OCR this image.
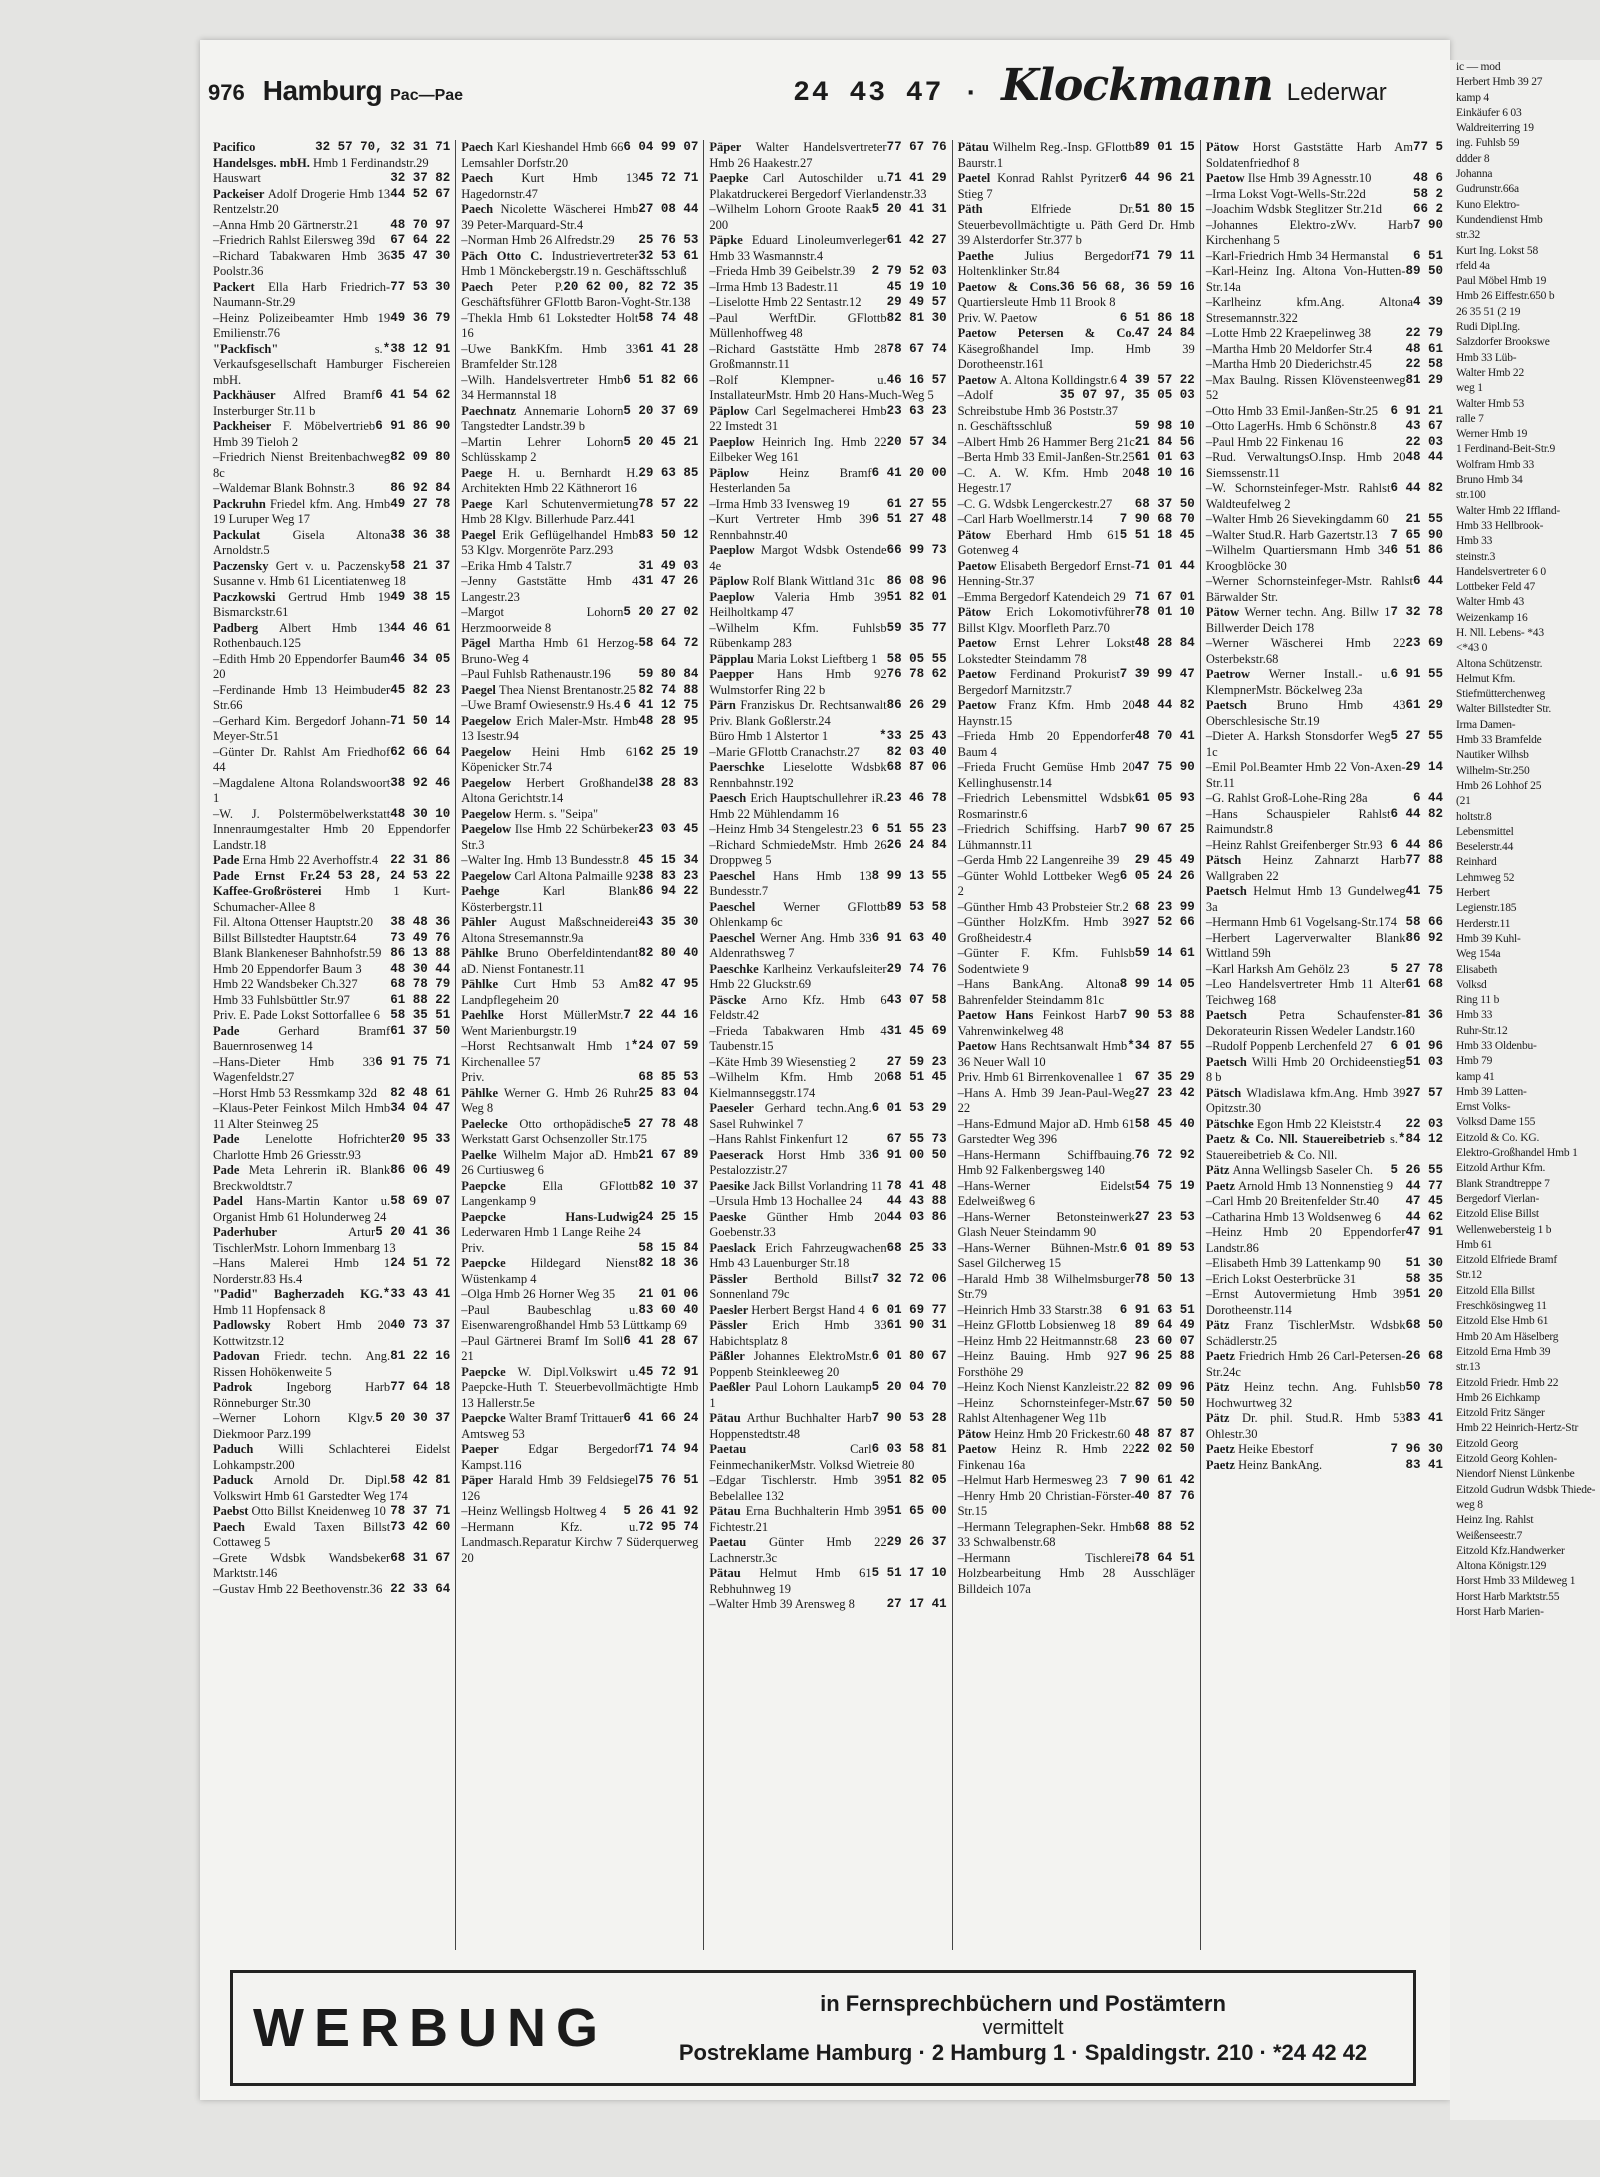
976 Hamburg Pac—Pae	24 43 47 · Klockmann Lederwar
32 57 70, 32 31 71
Pacifico Handelsges. mbH. Hmb 1 Ferdinandstr.29
32 37 82
Hauswart
44 52 67
Packeiser Adolf Drogerie Hmb 13 Rentzelstr.20
48 70 97
–Anna Hmb 20 Gärtnerstr.21
67 64 22
–Friedrich Rahlst Eilersweg 39d
35 47 30
–Richard Tabakwaren Hmb 36 Poolstr.36
77 53 30
Packert Ella Harb Friedrich-Naumann-Str.29
49 36 79
–Heinz Polizeibeamter Hmb 19 Emilienstr.76
*38 12 91
"Packfisch" s. Verkaufsgesellschaft Hamburger Fischereien mbH.
6 41 54 62
Packhäuser Alfred Bramf Insterburger Str.11 b
6 91 86 90
Packheiser F. Möbelvertrieb Hmb 39 Tieloh 2
82 09 80
–Friedrich Nienst Breitenbachweg 8c
86 92 84
–Waldemar Blank Bohnstr.3
49 27 78
Packruhn Friedel kfm. Ang. Hmb 19 Luruper Weg 17
38 36 38
Packulat Gisela Altona Arnoldstr.5
58 21 37
Paczensky Gert v. u. Paczensky Susanne v. Hmb 61 Licentiatenweg 18
49 38 15
Paczkowski Gertrud Hmb 19 Bismarckstr.61
44 46 61
Padberg Albert Hmb 13 Rothenbauch.125
46 34 05
–Edith Hmb 20 Eppendorfer Baum 20
45 82 23
–Ferdinande Hmb 13 Heimbuder Str.66
71 50 14
–Gerhard Kim. Bergedorf Johann-Meyer-Str.51
62 66 64
–Günter Dr. Rahlst Am Friedhof 44
38 92 46
–Magdalene Altona Rolandswoort 1
48 30 10
–W. J. Polstermöbelwerkstatt Innenraumgestalter Hmb 20 Eppendorfer Landstr.18
22 31 86
Pade Erna Hmb 22 Averhoffstr.4
24 53 28, 24 53 22
Pade Ernst Fr. Kaffee-Großrösterei Hmb 1 Kurt-Schumacher-Allee 8
38 48 36
Fil. Altona Ottenser Hauptstr.20
73 49 76
Billst Billstedter Hauptstr.64
86 13 88
Blank Blankeneser Bahnhofstr.59
48 30 44
Hmb 20 Eppendorfer Baum 3
68 78 79
Hmb 22 Wandsbeker Ch.327
61 88 22
Hmb 33 Fuhlsbüttler Str.97
58 35 51
Priv. E. Pade Lokst Sottorfallee 6
61 37 50
Pade Gerhard Bramf Bauernrosenweg 14
6 91 75 71
–Hans-Dieter Hmb 33 Wagenfeldstr.27
82 48 61
–Horst Hmb 53 Ressmkamp 32d
34 04 47
–Klaus-Peter Feinkost Milch Hmb 11 Alter Steinweg 25
20 95 33
Pade Lenelotte Hofrichter Charlotte Hmb 26 Griesstr.93
86 06 49
Pade Meta Lehrerin iR. Blank Breckwoldtstr.7
58 69 07
Padel Hans-Martin Kantor u. Organist Hmb 61 Holunderweg 24
5 20 41 36
Paderhuber Artur TischlerMstr. Lohorn Immenbarg 13
24 51 72
–Hans Malerei Hmb 1 Norderstr.83 Hs.4
*33 43 41
"Padid" Bagherzadeh KG. Hmb 11 Hopfensack 8
40 73 37
Padlowsky Robert Hmb 20 Kottwitzstr.12
81 22 16
Padovan Friedr. techn. Ang. Rissen Hohökenweite 5
77 64 18
Padrok Ingeborg Harb Rönneburger Str.30
5 20 30 37
–Werner Lohorn Klgv. Diekmoor Parz.199
Paduch Willi Schlachterei Eidelst Lohkampstr.200
58 42 81
Paduck Arnold Dr. Dipl. Volkswirt Hmb 61 Garstedter Weg 174
78 37 71
Paebst Otto Billst Kneidenweg 10
73 42 60
Paech Ewald Taxen Billst Cottaweg 5
68 31 67
–Grete Wdsbk Wandsbeker Marktstr.146
22 33 64
–Gustav Hmb 22 Beethovenstr.36
6 04 99 07
Paech Karl Kieshandel Hmb 66 Lemsahler Dorfstr.20
45 72 71
Paech Kurt Hmb 13 Hagedornstr.47
27 08 44
Paech Nicolette Wäscherei Hmb 39 Peter-Marquard-Str.4
25 76 53
–Norman Hmb 26 Alfredstr.29
32 53 61
Päch Otto C. Industrievertreter Hmb 1 Mönckebergstr.19 n. Geschäftsschluß
20 62 00, 82 72 35
Paech Peter P. Geschäftsführer GFlottb Baron-Voght-Str.138
58 74 48
–Thekla Hmb 61 Lokstedter Holt 16
61 41 28
–Uwe BankKfm. Hmb 33 Bramfelder Str.128
6 51 82 66
–Wilh. Handelsvertreter Hmb 34 Hermannstal 18
5 20 37 69
Paechnatz Annemarie Lohorn Tangstedter Landstr.39 b
5 20 45 21
–Martin Lehrer Lohorn Schlüsskamp 2
29 63 85
Paege H. u. Bernhardt H. Architekten Hmb 22 Käthnerort 16
78 57 22
Paege Karl Schutenvermietung Hmb 28 Klgv. Billerhude Parz.441
83 50 12
Paegel Erik Geflügelhandel Hmb 53 Klgv. Morgenröte Parz.293
31 49 03
–Erika Hmb 4 Talstr.7
31 47 26
–Jenny Gaststätte Hmb 4 Langestr.23
5 20 27 02
–Margot Lohorn Herzmoorweide 8
58 64 72
Pägel Martha Hmb 61 Herzog-Bruno-Weg 4
59 80 84
–Paul Fuhlsb Rathenaustr.196
82 74 88
Paegel Thea Nienst Brentanostr.25
6 41 12 75
–Uwe Bramf Owiesenstr.9 Hs.4
48 28 95
Paegelow Erich Maler-Mstr. Hmb 13 Isestr.94
62 25 19
Paegelow Heini Hmb 61 Köpenicker Str.74
38 28 83
Paegelow Herbert Großhandel Altona Gerichtstr.14
Paegelow Herm. s. "Seipa"
23 03 45
Paegelow Ilse Hmb 22 Schürbeker Str.3
45 15 34
–Walter Ing. Hmb 13 Bundesstr.8
38 83 23
Paegelow Carl Altona Palmaille 92
86 94 22
Paehge Karl Blank Kösterbergstr.11
43 35 30
Pähler August Maßschneiderei Altona Stresemannstr.9a
82 80 40
Pählke Bruno Oberfeldintendant aD. Nienst Fontanestr.11
82 47 95
Pählke Curt Hmb 53 Am Landpflegeheim 20
7 22 44 16
Paehlke Horst MüllerMstr. Went Marienburgstr.19
*24 07 59
–Horst Rechtsanwalt Hmb 1 Kirchenallee 57
68 85 53
Priv.
25 83 04
Pählke Werner G. Hmb 26 Ruhr Weg 8
5 27 78 48
Paelecke Otto orthopädische Werkstatt Garst Ochsenzoller Str.175
21 67 89
Paelke Wilhelm Major aD. Hmb 26 Curtiusweg 6
82 10 37
Paepcke Ella GFlottb Langenkamp 9
24 25 15
Paepcke Hans-Ludwig Lederwaren Hmb 1 Lange Reihe 24
58 15 84
Priv.
82 18 36
Paepcke Hildegard Nienst Wüstenkamp 4
21 01 06
–Olga Hmb 26 Horner Weg 35
83 60 40
–Paul Baubeschlag u. Eisenwarengroßhandel Hmb 53 Lüttkamp 69
6 41 28 67
–Paul Gärtnerei Bramf Im Soll 21
45 72 91
Paepcke W. Dipl.Volkswirt u. Paepcke-Huth T. Steuerbevollmächtigte Hmb 13 Hallerstr.5e
6 41 66 24
Paepcke Walter Bramf Trittauer Amtsweg 53
71 74 94
Paeper Edgar Bergedorf Kampst.116
75 76 51
Päper Harald Hmb 39 Feldsiegel 126
5 26 41 92
–Heinz Wellingsb Holtweg 4
72 95 74
–Hermann Kfz. u. Landmasch.Reparatur Kirchw 7 Süderquerweg 20
77 67 76
Päper Walter Handelsvertreter Hmb 26 Haakestr.27
71 41 29
Paepke Carl Autoschilder u. Plakatdruckerei Bergedorf Vierlandenstr.33
5 20 41 31
–Wilhelm Lohorn Groote Raak 200
61 42 27
Päpke Eduard Linoleumverleger Hmb 33 Wasmannstr.4
2 79 52 03
–Frieda Hmb 39 Geibelstr.39
45 19 10
–Irma Hmb 13 Badestr.11
29 49 57
–Liselotte Hmb 22 Sentastr.12
82 81 30
–Paul WerftDir. GFlottb Müllenhoffweg 48
78 67 74
–Richard Gaststätte Hmb 28 Großmannstr.11
46 16 57
–Rolf Klempner- u. InstallateurMstr. Hmb 20 Hans-Much-Weg 5
23 63 23
Päplow Carl Segelmacherei Hmb 22 Imstedt 31
20 57 34
Paeplow Heinrich Ing. Hmb 22 Eilbeker Weg 161
6 41 20 00
Päplow Heinz Bramf Hesterlanden 5a
61 27 55
–Irma Hmb 33 Ivensweg 19
6 51 27 48
–Kurt Vertreter Hmb 39 Rennbahnstr.40
66 99 73
Paeplow Margot Wdsbk Ostende 4e
86 08 96
Päplow Rolf Blank Wittland 31c
51 82 01
Paeplow Valeria Hmb 39 Heilholtkamp 47
59 35 77
–Wilhelm Kfm. Fuhlsb Rübenkamp 283
58 05 55
Päpplau Maria Lokst Lieftberg 1
76 78 62
Paepper Hans Hmb 92 Wulmstorfer Ring 22 b
86 26 29
Pärn Franziskus Dr. Rechtsanwalt Priv. Blank Goßlerstr.24
*33 25 43
Büro Hmb 1 Alstertor 1
82 03 40
–Marie GFlottb Cranachstr.27
68 87 06
Paerschke Lieselotte Wdsbk Rennbahnstr.192
23 46 78
Paesch Erich Hauptschullehrer iR. Hmb 22 Mühlendamm 16
6 51 55 23
–Heinz Hmb 34 Stengelestr.23
26 24 84
–Richard SchmiedeMstr. Hmb 26 Droppweg 5
8 99 13 55
Paeschel Hans Hmb 13 Bundesstr.7
89 53 58
Paeschel Werner GFlottb Ohlenkamp 6c
6 91 63 40
Paeschel Werner Ang. Hmb 33 Aldenrathsweg 7
29 74 76
Paeschke Karlheinz Verkaufsleiter Hmb 22 Gluckstr.69
43 07 58
Päscke Arno Kfz. Hmb 6 Feldstr.42
31 45 69
–Frieda Tabakwaren Hmb 4 Taubenstr.15
27 59 23
–Käte Hmb 39 Wiesenstieg 2
68 51 45
–Wilhelm Kfm. Hmb 20 Kielmannseggstr.174
6 01 53 29
Paeseler Gerhard techn.Ang. Sasel Ruhwinkel 7
67 55 73
–Hans Rahlst Finkenfurt 12
6 91 00 50
Paeserack Horst Hmb 33 Pestalozzistr.27
78 41 48
Paesike Jack Billst Vorlandring 11
44 43 88
–Ursula Hmb 13 Hochallee 24
44 03 86
Paeske Günther Hmb 20 Goebenstr.33
68 25 33
Paeslack Erich Fahrzeugwachen Hmb 43 Lauenburger Str.18
7 32 72 06
Pässler Berthold Billst Sonnenland 79c
6 01 69 77
Paesler Herbert Bergst Hand 4
61 90 31
Pässler Erich Hmb 33 Habichtsplatz 8
6 01 80 67
Päßler Johannes ElektroMstr. Poppenb Steinkleeweg 20
5 20 04 70
Paeßler Paul Lohorn Laukamp 1
7 90 53 28
Pätau Arthur Buchhalter Harb Hoppenstedtstr.48
6 03 58 81
Paetau Carl FeinmechanikerMstr. Volksd Wietreie 80
51 82 05
–Edgar Tischlerstr. Hmb 39 Bebelallee 132
51 65 00
Pätau Erna Buchhalterin Hmb 39 Fichtestr.21
29 26 37
Paetau Günter Hmb 22 Lachnerstr.3c
5 51 17 10
Pätau Helmut Hmb 61 Rebhuhnweg 19
27 17 41
–Walter Hmb 39 Arensweg 8
89 01 15
Pätau Wilhelm Reg.-Insp. GFlottb Baurstr.1
6 44 96 21
Paetel Konrad Rahlst Pyritzer Stieg 7
51 80 15
Päth Elfriede Dr. Steuerbevollmächtigte u. Päth Gerd Dr. Hmb 39 Alsterdorfer Str.377 b
71 79 11
Paethe Julius Bergedorf Holtenklinker Str.84
36 56 68, 36 59 16
Paetow & Cons. Quartiersleute Hmb 11 Brook 8
6 51 86 18
Priv. W. Paetow
47 24 84
Paetow Petersen & Co. Käsegroßhandel Imp. Hmb 39 Dorotheenstr.161
4 39 57 22
Paetow A. Altona Kolldingstr.6
35 07 97, 35 05 03
–Adolf Schreibstube Hmb 36 Poststr.37
59 98 10
n. Geschäftsschluß
21 84 56
–Albert Hmb 26 Hammer Berg 21c
61 01 63
–Berta Hmb 33 Emil-Janßen-Str.25
48 10 16
–C. A. W. Kfm. Hmb 20 Hegestr.17
68 37 50
–C. G. Wdsbk Lengerckestr.27
7 90 68 70
–Carl Harb Woellmerstr.14
5 51 18 45
Pätow Eberhard Hmb 61 Gotenweg 4
71 01 44
Paetow Elisabeth Bergedorf Ernst-Henning-Str.37
71 67 01
–Emma Bergedorf Katendeich 29
78 01 10
Pätow Erich Lokomotivführer Billst Klgv. Moorfleth Parz.70
48 28 84
Paetow Ernst Lehrer Lokst Lokstedter Steindamm 78
7 39 99 47
Paetow Ferdinand Prokurist Bergedorf Marnitzstr.7
48 44 82
Paetow Franz Kfm. Hmb 20 Haynstr.15
48 70 41
–Frieda Hmb 20 Eppendorfer Baum 4
47 75 90
–Frieda Frucht Gemüse Hmb 20 Kellinghusenstr.14
61 05 93
–Friedrich Lebensmittel Wdsbk Rosmarinstr.6
7 90 67 25
–Friedrich Schiffsing. Harb Lühmannstr.11
29 45 49
–Gerda Hmb 22 Langenreihe 39
6 05 24 26
–Günter Wohld Lottbeker Weg 2
68 23 99
–Günther Hmb 43 Probsteier Str.2
27 52 66
–Günther HolzKfm. Hmb 39 Großheidestr.4
59 14 61
–Günter F. Kfm. Fuhlsb Sodentwiete 9
8 99 14 05
–Hans BankAng. Altona Bahrenfelder Steindamm 81c
7 90 53 88
Paetow Hans Feinkost Harb Vahrenwinkelweg 48
*34 87 55
Paetow Hans Rechtsanwalt Hmb 36 Neuer Wall 10
67 35 29
Priv. Hmb 61 Birrenkovenallee 1
27 23 42
–Hans A. Hmb 39 Jean-Paul-Weg 22
58 45 40
–Hans-Edmund Major aD. Hmb 61 Garstedter Weg 396
76 72 92
–Hans-Hermann Schiffbauing. Hmb 92 Falkenbergsweg 140
54 75 19
–Hans-Werner Eidelst Edelweißweg 6
27 23 53
–Hans-Werner Betonsteinwerk Glash Neuer Steindamm 90
6 01 89 53
–Hans-Werner Bühnen-Mstr. Sasel Gilcherweg 15
78 50 13
–Harald Hmb 38 Wilhelmsburger Str.79
6 91 63 51
–Heinrich Hmb 33 Starstr.38
89 64 49
–Heinz GFlottb Lobsienweg 18
23 60 07
–Heinz Hmb 22 Heitmannstr.68
7 96 25 88
–Heinz Bauing. Hmb 92 Forsthöhe 29
82 09 96
–Heinz Koch Nienst Kanzleistr.22
67 50 50
–Heinz Schornsteinfeger-Mstr. Rahlst Altenhagener Weg 11b
48 87 87
Pätow Heinz Hmb 20 Frickestr.60
22 02 50
Paetow Heinz R. Hmb 22 Finkenau 16a
7 90 61 42
–Helmut Harb Hermesweg 23
40 87 76
–Henry Hmb 20 Christian-Förster-Str.15
68 88 52
–Hermann Telegraphen-Sekr. Hmb 33 Schwalbenstr.68
78 64 51
–Hermann Tischlerei Holzbearbeitung Hmb 28 Ausschläger Billdeich 107a
77 5
Pätow Horst Gaststätte Harb Am Soldatenfriedhof 8
48 6
Paetow Ilse Hmb 39 Agnesstr.10
58 2
–Irma Lokst Vogt-Wells-Str.22d
66 2
–Joachim Wdsbk Steglitzer Str.21d
7 90
–Johannes Elektro-zWv. Harb Kirchenhang 5
6 51
–Karl-Friedrich Hmb 34 Hermanstal
89 50
–Karl-Heinz Ing. Altona Von-Hutten-Str.14a
4 39
–Karlheinz kfm.Ang. Altona Stresemannstr.322
22 79
–Lotte Hmb 22 Kraepelinweg 38
48 61
–Martha Hmb 20 Meldorfer Str.4
22 58
–Martha Hmb 20 Diederichstr.45
81 29
–Max Baulng. Rissen Klövensteenweg 52
6 91 21
–Otto Hmb 33 Emil-Janßen-Str.25
43 67
–Otto LagerHs. Hmb 6 Schönstr.8
22 03
–Paul Hmb 22 Finkenau 16
48 44
–Rud. VerwaltungsO.Insp. Hmb 20 Siemssenstr.11
6 44 82
–W. Schornsteinfeger-Mstr. Rahlst Waldteufelweg 2
21 55
–Walter Hmb 26 Sievekingdamm 60
7 65 90
–Walter Stud.R. Harb Gazertstr.13
6 51 86
–Wilhelm Quartiersmann Hmb 34 Kroogblöcke 30
6 44
–Werner Schornsteinfeger-Mstr. Rahlst Bärwalder Str.
7 32 78
Pätow Werner techn. Ang. Billw 1 Billwerder Deich 178
23 69
–Werner Wäscherei Hmb 22 Osterbekstr.68
6 91 55
Paetrow Werner Install.- u. KlempnerMstr. Böckelweg 23a
61 29
Paetsch Bruno Hmb 43 Oberschlesische Str.19
5 27 55
–Dieter A. Harksh Stonsdorfer Weg 1c
29 14
–Emil Pol.Beamter Hmb 22 Von-Axen-Str.11
6 44
–G. Rahlst Groß-Lohe-Ring 28a
6 44 82
–Hans Schauspieler Rahlst Raimundstr.8
6 44 86
–Heinz Rahlst Greifenberger Str.93
77 88
Pätsch Heinz Zahnarzt Harb Wallgraben 22
41 75
Paetsch Helmut Hmb 13 Gundelweg 3a
58 66
–Hermann Hmb 61 Vogelsang-Str.174
86 92
–Herbert Lagerverwalter Blank Wittland 59h
5 27 78
–Karl Harksh Am Gehölz 23
61 68
–Leo Handelsvertreter Hmb 11 Alter Teichweg 168
81 36
Paetsch Petra Schaufenster-Dekorateurin Rissen Wedeler Landstr.160
6 01 96
–Rudolf Poppenb Lerchenfeld 27
51 03
Paetsch Willi Hmb 20 Orchideenstieg 8 b
27 57
Pätsch Wladislawa kfm.Ang. Hmb 39 Opitzstr.30
22 03
Pätschke Egon Hmb 22 Kleiststr.4
*84 12
Paetz & Co. Nll. Stauereibetrieb s. Stauereibetrieb & Co. Nll.
5 26 55
Pätz Anna Wellingsb Saseler Ch.
44 77
Paetz Arnold Hmb 13 Nonnenstieg 9
47 45
–Carl Hmb 20 Breitenfelder Str.40
44 62
–Catharina Hmb 13 Woldsenweg 6
47 91
–Heinz Hmb 20 Eppendorfer Landstr.86
51 30
–Elisabeth Hmb 39 Lattenkamp 90
58 35
–Erich Lokst Oesterbrücke 31
51 20
–Ernst Autovermietung Hmb 39 Dorotheenstr.114
68 50
Pätz Franz TischlerMstr. Wdsbk Schädlerstr.25
26 68
Paetz Friedrich Hmb 26 Carl-Petersen-Str.24c
50 78
Pätz Heinz techn. Ang. Fuhlsb Hochwurtweg 32
83 41
Pätz Dr. phil. Stud.R. Hmb 53 Ohlestr.30
7 96 30
Paetz Heike Ebestorf
83 41
Paetz Heinz BankAng.
WERBUNG	in Fernsprechbüchern und Postämtern
vermittelt
Postreklame Hamburg · 2 Hamburg 1 · Spaldingstr. 210 · *24 42 42
ic — mod
Herbert Hmb 39 27
kamp 4
Einkäufer 6 03
Waldreiterring 19
ing. Fuhlsb 59
ddder 8
Johanna
Gudrunstr.66a
Kuno Elektro-
Kundendienst Hmb
str.32
Kurt Ing. Lokst 58
rfeld 4a
Paul Möbel Hmb 19
Hmb 26 Eiffestr.650 b
26 35 51 (2 19
Rudi Dipl.Ing.
Salzdorfer Brookswe
Hmb 33 Lüb-
Walter Hmb 22
weg 1
Walter Hmb 53
ralle 7
Werner Hmb 19
1 Ferdinand-Beit-Str.9
Wolfram Hmb 33
Bruno Hmb 34
str.100
Walter Hmb 22 Iffland-
Hmb 33 Hellbrook-
Hmb 33
steinstr.3
Handelsvertreter 6 0
Lottbeker Feld 47
Walter Hmb 43
Weizenkamp 16
H. Nll. Lebens- *43
<*43 0
Altona Schützenstr.
Helmut Kfm.
Stiefmütterchenweg
Walter Billstedter Str.
Irma Damen-
Hmb 33 Bramfelde
Nautiker Wilhsb
Wilhelm-Str.250
Hmb 26 Lohhof 25
(21
holtstr.8
Lebensmittel
Beselerstr.44
Reinhard
Lehmweg 52
Herbert
Legienstr.185
Herderstr.11
Hmb 39 Kuhl-
Weg 154a
Elisabeth
Volksd
Ring 11 b
Hmb 33
Ruhr-Str.12
Hmb 33 Oldenbu-
Hmb 79
kamp 41
Hmb 39 Latten-
Ernst Volks-
Volksd Dame 155
Eitzold & Co. KG.
Elektro-Großhandel Hmb 1
Eitzold Arthur Kfm.
Blank Strandtreppe 7
Bergedorf Vierlan-
Eitzold Elise Billst
Wellenwebersteig 1 b
Hmb 61
Eitzold Elfriede Bramf
Str.12
Eitzold Ella Billst
Freschkösingweg 11
Eitzold Else Hmb 61
Hmb 20 Am Häselberg
Eitzold Erna Hmb 39
str.13
Eitzold Friedr. Hmb 22
Hmb 26 Eichkamp
Eitzold Fritz Sänger
Hmb 22 Heinrich-Hertz-Str
Eitzold Georg
Eitzold Georg Kohlen-
Niendorf Nienst Lünkenbe
Eitzold Gudrun Wdsbk Thiede-
weg 8
Heinz Ing. Rahlst
Weißenseestr.7
Eitzold Kfz.Handwerker
Altona Königstr.129
Horst Hmb 33 Mildeweg 1
Horst Harb Marktstr.55
Horst Harb Marien-
